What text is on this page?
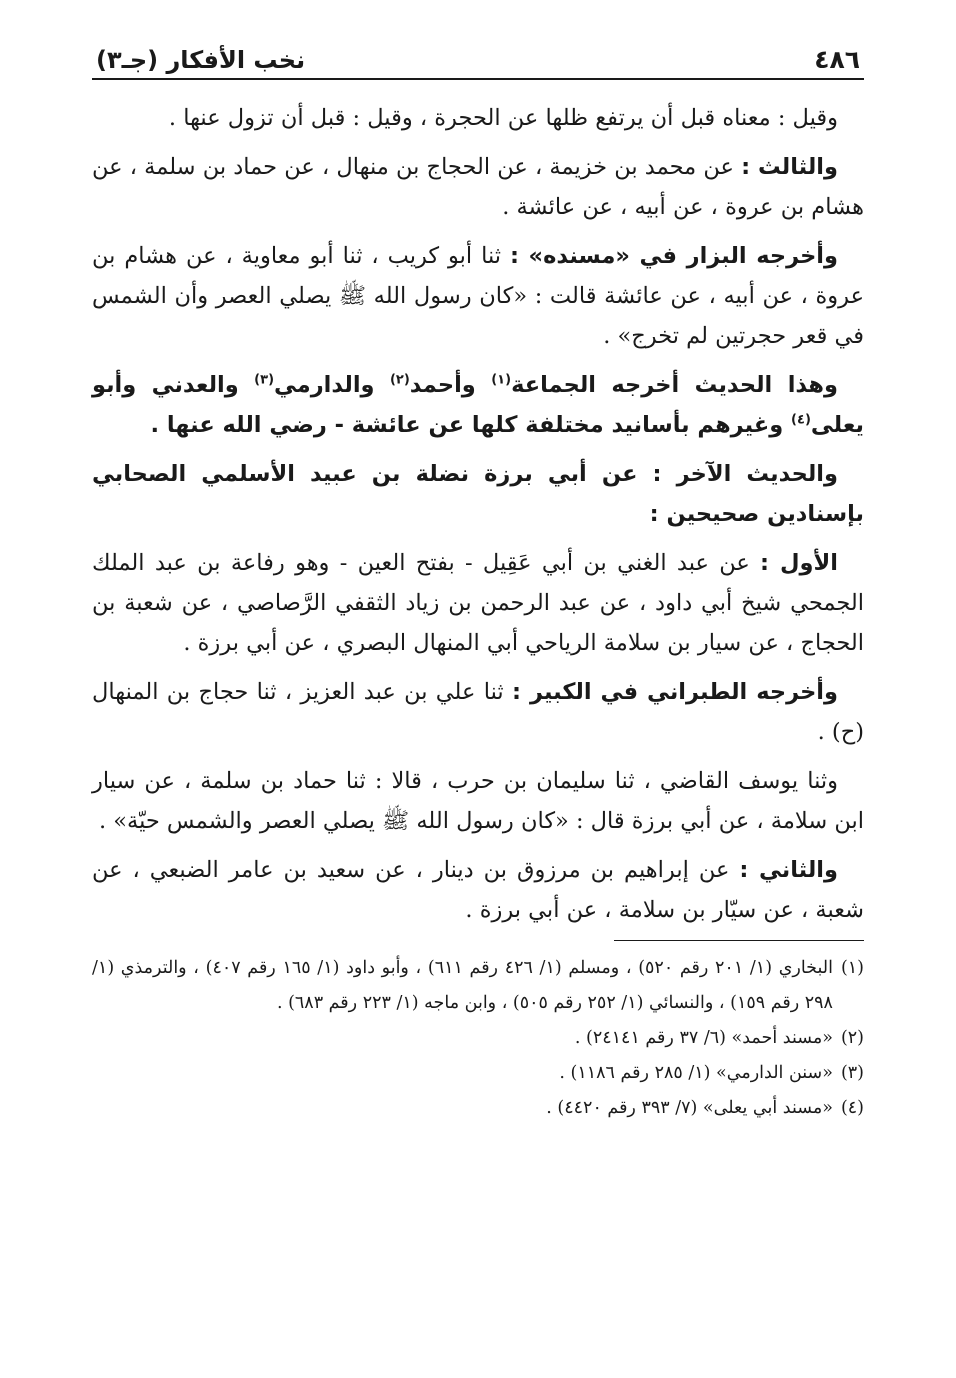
٤٨٦
نخب الأفكار (جـ٣)

وقيل : معناه قبل أن يرتفع ظلها عن الحجرة ، وقيل : قبل أن تزول عنها .

والثالث : عن محمد بن خزيمة ، عن الحجاج بن منهال ، عن حماد بن سلمة ، عن هشام بن عروة ، عن أبيه ، عن عائشة .

وأخرجه البزار في «مسنده» : ثنا أبو كريب ، ثنا أبو معاوية ، عن هشام بن عروة ، عن أبيه ، عن عائشة قالت : «كان رسول الله ﷺ يصلي العصر وأن الشمس في قعر حجرتين لم تخرج» .

وهذا الحديث أخرجه الجماعة$^{(١)}$ وأحمد$^{(٢)}$ والدارمي$^{(٣)}$ والعدني وأبو يعلى$^{(٤)}$ وغيرهم بأسانيد مختلفة كلها عن عائشة - رضي الله عنها .

والحديث الآخر : عن أبي برزة نضلة بن عبيد الأسلمي الصحابي بإسنادين صحيحين :

الأول : عن عبد الغني بن أبي عَقِيل - بفتح العين - وهو رفاعة بن عبد الملك الجمحي شيخ أبي داود ، عن عبد الرحمن بن زياد الثقفي الرَّصاصي ، عن شعبة بن الحجاج ، عن سيار بن سلامة الرياحي أبي المنهال البصري ، عن أبي برزة .

وأخرجه الطبراني في الكبير : ثنا علي بن عبد العزيز ، ثنا حجاج بن المنهال (ح) .

وثنا يوسف القاضي ، ثنا سليمان بن حرب ، قالا : ثنا حماد بن سلمة ، عن سيار ابن سلامة ، عن أبي برزة قال : «كان رسول الله ﷺ يصلي العصر والشمس حيّة» .

والثاني : عن إبراهيم بن مرزوق بن دينار ، عن سعيد بن عامر الضبعي ، عن شعبة ، عن سيّار بن سلامة ، عن أبي برزة .

(١)
البخاري (١/ ٢٠١ رقم ٥٢٠) ، ومسلم (١/ ٤٢٦ رقم ٦١١) ، وأبو داود (١/ ١٦٥ رقم ٤٠٧) ، والترمذي (١/ ٢٩٨ رقم ١٥٩) ، والنسائي (١/ ٢٥٢ رقم ٥٠٥) ، وابن ماجه (١/ ٢٢٣ رقم ٦٨٣) .
(٢)
«مسند أحمد» (٦/ ٣٧ رقم ٢٤١٤١) .
(٣)
«سنن الدارمي» (١/ ٢٨٥ رقم ١١٨٦) .
(٤)
«مسند أبي يعلى» (٧/ ٣٩٣ رقم ٤٤٢٠) .
